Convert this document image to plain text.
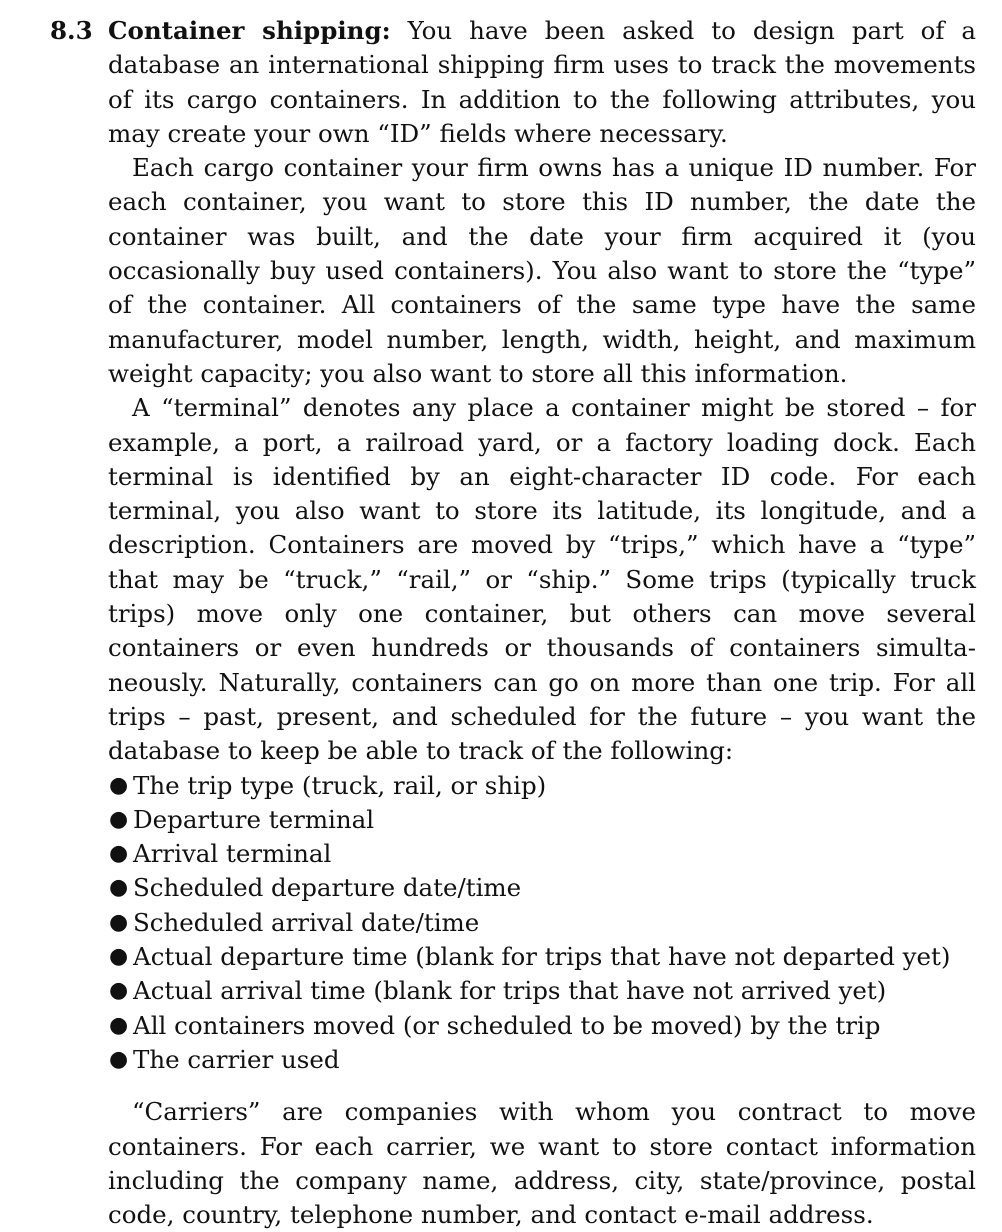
8.3 Container shipping: You have been asked to design part of a database an international shipping firm uses to track the movements of its cargo containers. In addition to the following attributes, you may create your own “ID” fields where necessary.

Each cargo container your firm owns has a unique ID number. For each container, you want to store this ID number, the date the container was built, and the date your firm acquired it (you occasionally buy used containers). You also want to store the “type” of the container. All containers of the same type have the same manufacturer, model number, length, width, height, and maximum weight capacity; you also want to store all this information.

A “terminal” denotes any place a container might be stored – for example, a port, a railroad yard, or a factory loading dock. Each terminal is identified by an eight-character ID code. For each terminal, you also want to store its latitude, its longitude, and a description. Containers are moved by “trips,” which have a “type” that may be “truck,” “rail,” or “ship.” Some trips (typically truck trips) move only one container, but others can move several containers or even hundreds or thousands of containers simultaneously. Naturally, containers can go on more than one trip. For all trips – past, present, and scheduled for the future – you want the database to keep be able to track of the following:

● The trip type (truck, rail, or ship)
● Departure terminal
● Arrival terminal
● Scheduled departure date/time
● Scheduled arrival date/time
● Actual departure time (blank for trips that have not departed yet)
● Actual arrival time (blank for trips that have not arrived yet)
● All containers moved (or scheduled to be moved) by the trip
● The carrier used

“Carriers” are companies with whom you contract to move containers. For each carrier, we want to store contact information including the company name, address, city, state/province, postal code, country, telephone number, and contact e-mail address.
